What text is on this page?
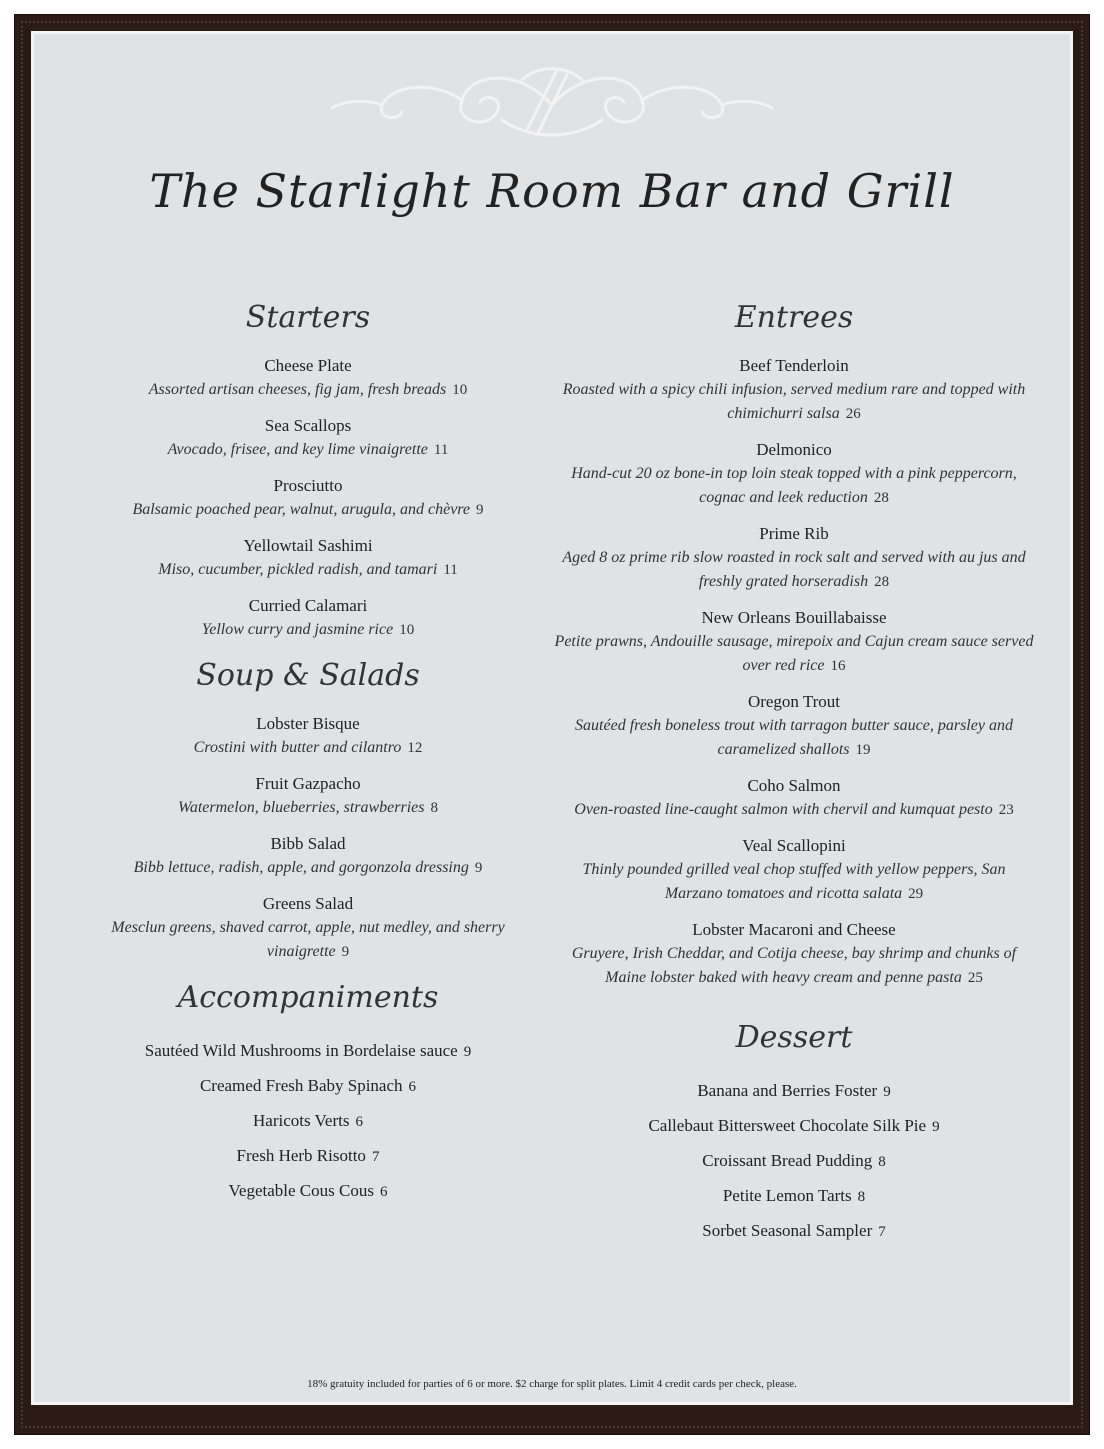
The Starlight Room Bar and Grill
Starters
Cheese Plate
Assorted artisan cheeses, fig jam, fresh breads 10
Sea Scallops
Avocado, frisee, and key lime vinaigrette 11
Prosciutto
Balsamic poached pear, walnut, arugula, and chèvre 9
Yellowtail Sashimi
Miso, cucumber, pickled radish, and tamari 11
Curried Calamari
Yellow curry and jasmine rice 10
Soup & Salads
Lobster Bisque
Crostini with butter and cilantro 12
Fruit Gazpacho
Watermelon, blueberries, strawberries 8
Bibb Salad
Bibb lettuce, radish, apple, and gorgonzola dressing 9
Greens Salad
Mesclun greens, shaved carrot, apple, nut medley, and sherry vinaigrette 9
Accompaniments
Sautéed Wild Mushrooms in Bordelaise sauce 9
Creamed Fresh Baby Spinach 6
Haricots Verts 6
Fresh Herb Risotto 7
Vegetable Cous Cous 6
Entrees
Beef Tenderloin
Roasted with a spicy chili infusion, served medium rare and topped with chimichurri salsa 26
Delmonico
Hand-cut 20 oz bone-in top loin steak topped with a pink peppercorn, cognac and leek reduction 28
Prime Rib
Aged 8 oz prime rib slow roasted in rock salt and served with au jus and freshly grated horseradish 28
New Orleans Bouillabaisse
Petite prawns, Andouille sausage, mirepoix and Cajun cream sauce served over red rice 16
Oregon Trout
Sautéed fresh boneless trout with tarragon butter sauce, parsley and caramelized shallots 19
Coho Salmon
Oven-roasted line-caught salmon with chervil and kumquat pesto 23
Veal Scallopini
Thinly pounded grilled veal chop stuffed with yellow peppers, San Marzano tomatoes and ricotta salata 29
Lobster Macaroni and Cheese
Gruyere, Irish Cheddar, and Cotija cheese, bay shrimp and chunks of Maine lobster baked with heavy cream and penne pasta 25
Dessert
Banana and Berries Foster 9
Callebaut Bittersweet Chocolate Silk Pie 9
Croissant Bread Pudding 8
Petite Lemon Tarts 8
Sorbet Seasonal Sampler 7
18% gratuity included for parties of 6 or more. $2 charge for split plates. Limit 4 credit cards per check, please.
